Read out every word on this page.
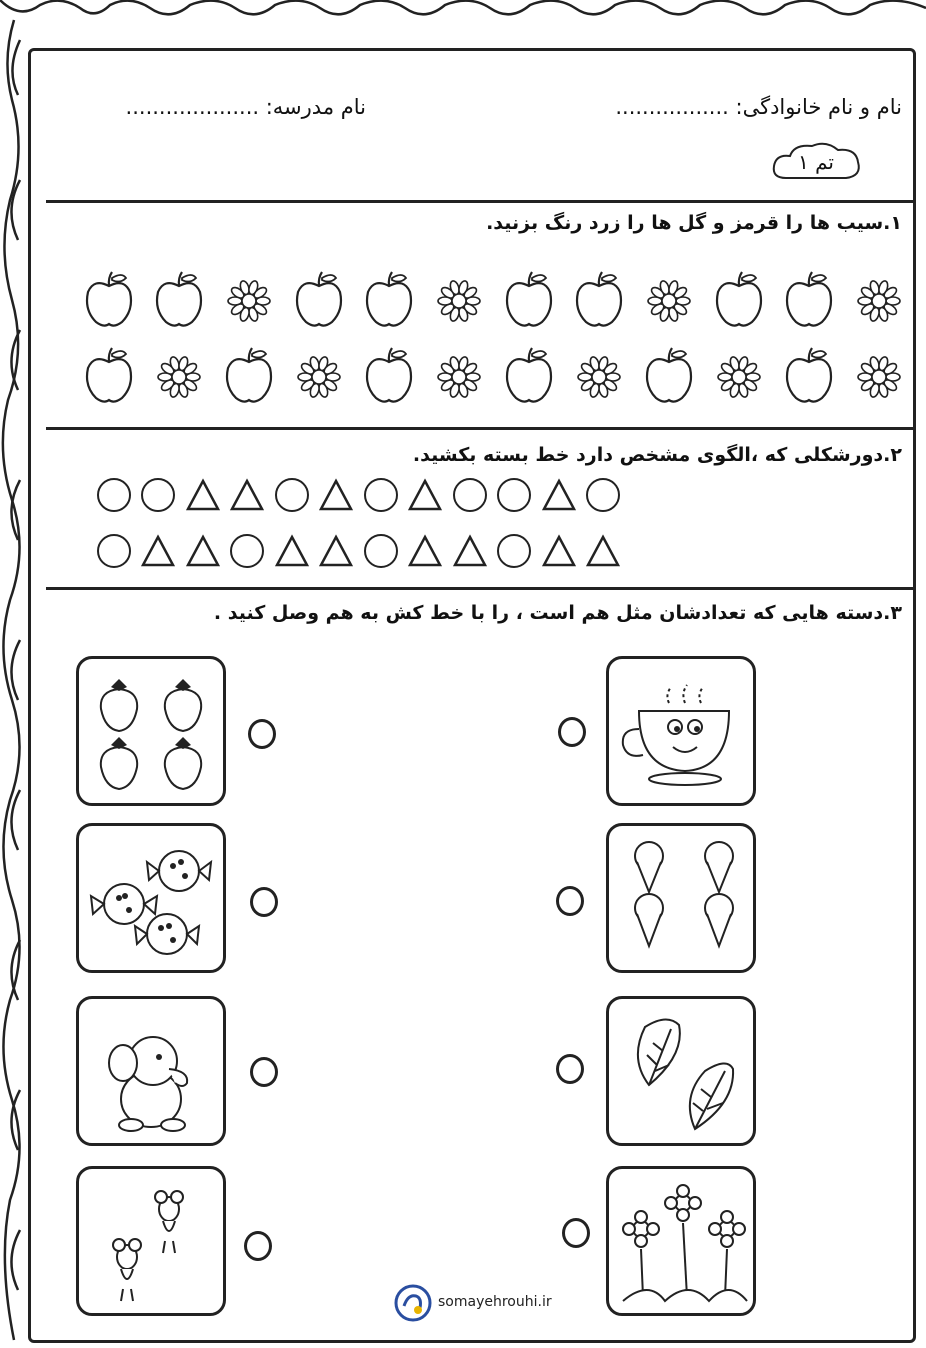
نام و نام خانوادگی: .................
نام مدرسه: ....................
تم ۱
۱.سیب ها را قرمز و گل ها را زرد رنگ بزنید.
۲.دورشکلی که ،الگوی مشخص دارد خط بسته بکشید.
۳.دسته هایی که تعدادشان مثل هم است ، را با خط کش به هم وصل کنید .
somayehrouhi.ir
